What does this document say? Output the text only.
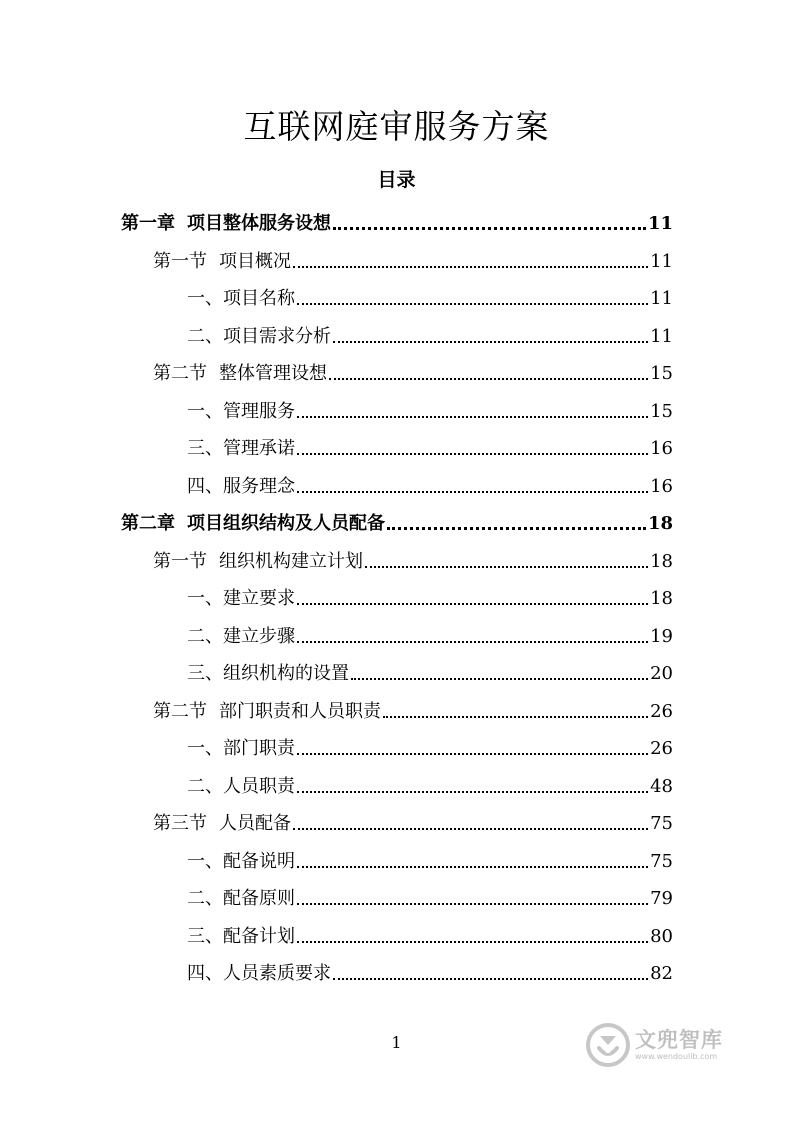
互联网庭审服务方案
目录
第一章 项目整体服务设想	11
第一节 项目概况	11
一、项目名称	11
二、项目需求分析	11
第二节 整体管理设想	15
一、管理服务	15
三、管理承诺	16
四、服务理念	16
第二章 项目组织结构及人员配备	18
第一节 组织机构建立计划	18
一、建立要求	18
二、建立步骤	19
三、组织机构的设置	20
第二节 部门职责和人员职责	26
一、部门职责	26
二、人员职责	48
第三节 人员配备	75
一、配备说明	75
二、配备原则	79
三、配备计划	80
四、人员素质要求	82
1	文兜智库
www.wendoulib.com
